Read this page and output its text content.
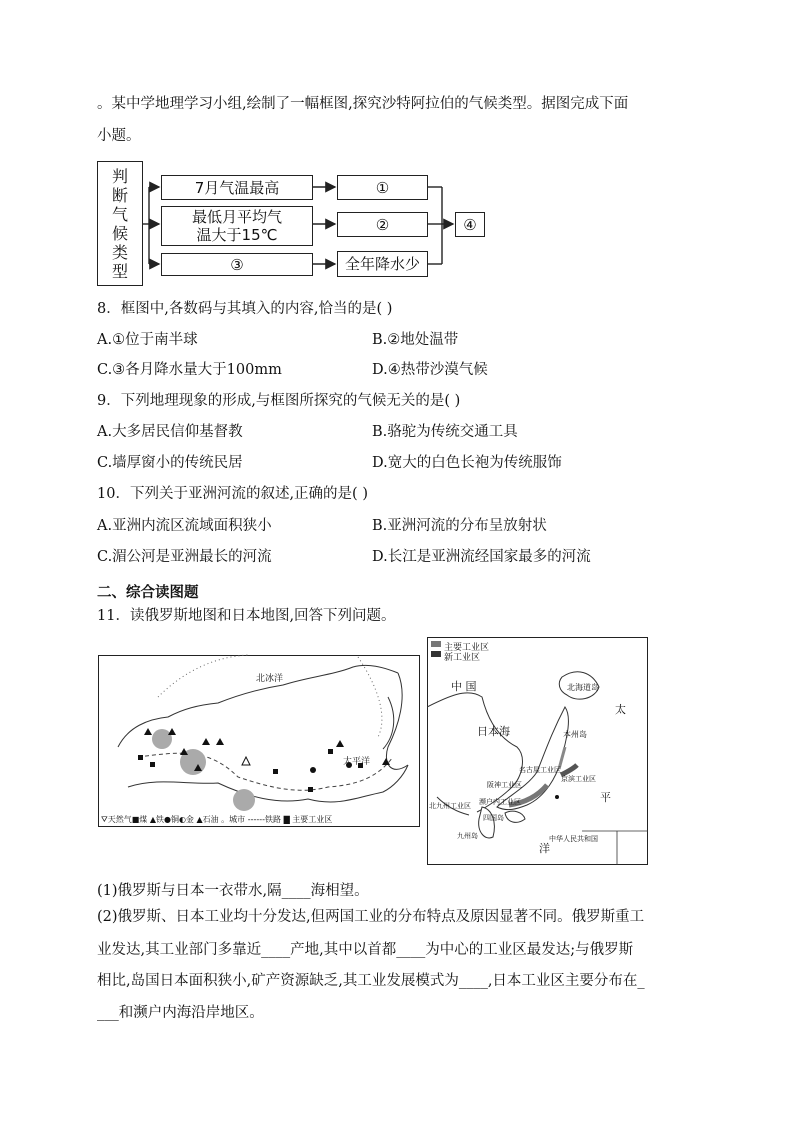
。某中学地理学习小组,绘制了一幅框图,探究沙特阿拉伯的气候类型。据图完成下面
小题。
判
断
气
候
类
型
7月气温最高
最低月平均气
温大于15℃
③
①
②
全年降水少
④
8．框图中,各数码与其填入的内容,恰当的是( )
A.①位于南半球	B.②地处温带
C.③各月降水量大于100mm	D.④热带沙漠气候
9．下列地理现象的形成,与框图所探究的气候无关的是( )
A.大多居民信仰基督教	B.骆驼为传统交通工具
C.墙厚窗小的传统民居	D.宽大的白色长袍为传统服饰
10．下列关于亚洲河流的叙述,正确的是( )
A.亚洲内流区流域面积狭小	B.亚洲河流的分布呈放射状
C.湄公河是亚洲最长的河流	D.长江是亚洲流经国家最多的河流
二、综合读图题
11．读俄罗斯地图和日本地图,回答下列问题。
北冰洋
太平洋
⛛天然气■煤 ▲铁●铜◐金 ▲石油 。城市 ------铁路 ▇ 主要工业区
主要工业区
新工业区
中 国
日本海
太
平
洋
北海道岛
本州岛
京滨工业区
名古屋工业区
阪神工业区
濒户内工业区
北九州工业区
四国岛
九州岛	中华人民共和国
(1)俄罗斯与日本一衣带水,隔____海相望。
(2)俄罗斯、日本工业均十分发达,但两国工业的分布特点及原因显著不同。俄罗斯重工
业发达,其工业部门多靠近____产地,其中以首都____为中心的工业区最发达;与俄罗斯
相比,岛国日本面积狭小,矿产资源缺乏,其工业发展模式为____,日本工业区主要分布在_
___和濒户内海沿岸地区。
